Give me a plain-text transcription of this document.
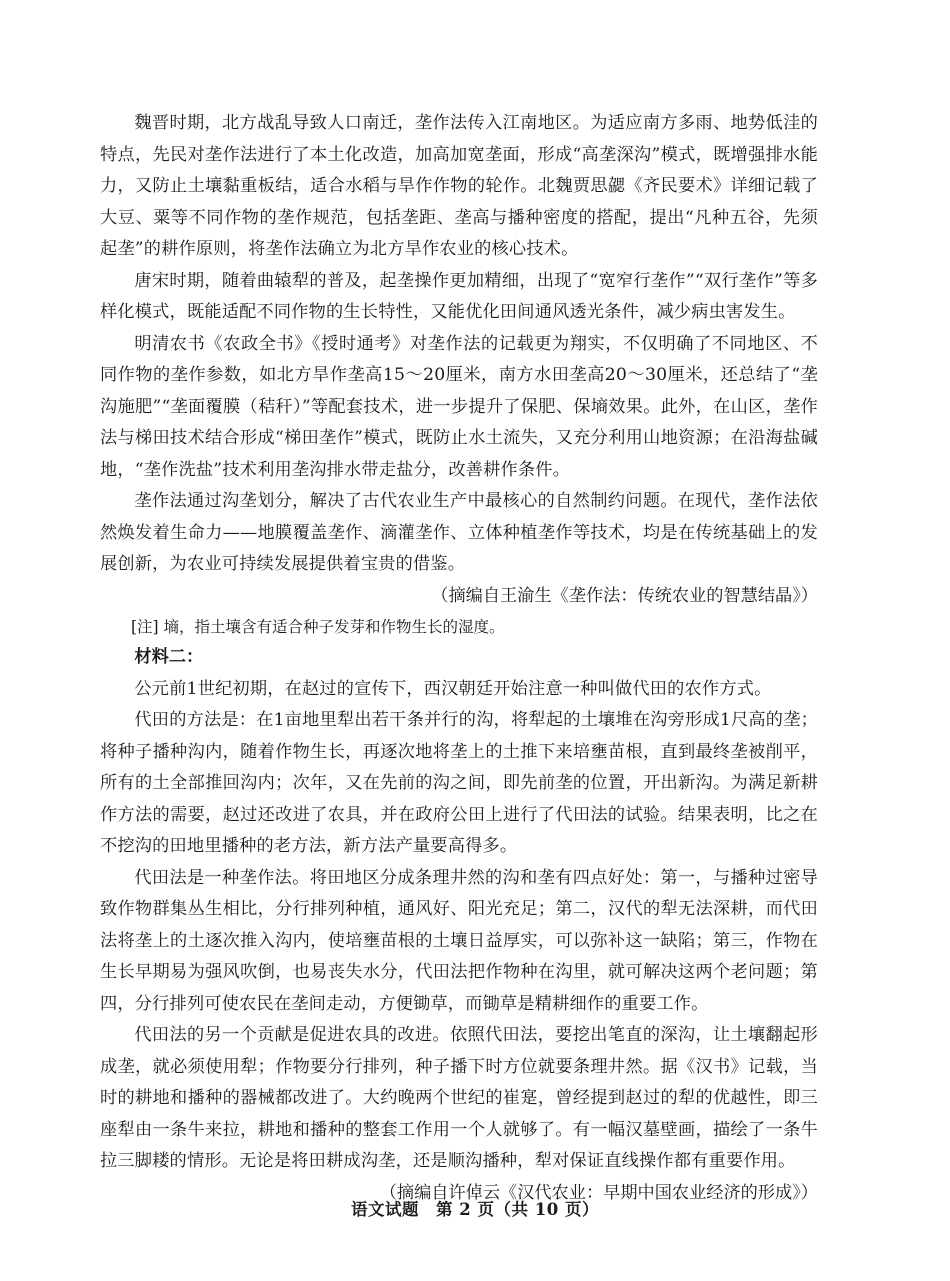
魏晋时期，北方战乱导致人口南迁，垄作法传入江南地区。为适应南方多雨、地势低洼的特点，先民对垄作法进行了本土化改造，加高加宽垄面，形成“高垄深沟”模式，既增强排水能力，又防止土壤黏重板结，适合水稻与旱作作物的轮作。北魏贾思勰《齐民要术》详细记载了大豆、粟等不同作物的垄作规范，包括垄距、垄高与播种密度的搭配，提出“凡种五谷，先须起垄”的耕作原则，将垄作法确立为北方旱作农业的核心技术。

唐宋时期，随着曲辕犁的普及，起垄操作更加精细，出现了“宽窄行垄作”“双行垄作”等多样化模式，既能适配不同作物的生长特性，又能优化田间通风透光条件，减少病虫害发生。

明清农书《农政全书》《授时通考》对垄作法的记载更为翔实，不仅明确了不同地区、不同作物的垄作参数，如北方旱作垄高15～20厘米，南方水田垄高20～30厘米，还总结了“垄沟施肥”“垄面覆膜（秸秆）”等配套技术，进一步提升了保肥、保墒效果。此外，在山区，垄作法与梯田技术结合形成“梯田垄作”模式，既防止水土流失，又充分利用山地资源；在沿海盐碱地，“垄作洗盐”技术利用垄沟排水带走盐分，改善耕作条件。

垄作法通过沟垄划分，解决了古代农业生产中最核心的自然制约问题。在现代，垄作法依然焕发着生命力——地膜覆盖垄作、滴灌垄作、立体种植垄作等技术，均是在传统基础上的发展创新，为农业可持续发展提供着宝贵的借鉴。

（摘编自王渝生《垄作法：传统农业的智慧结晶》）

[注] 墒，指土壤含有适合种子发芽和作物生长的湿度。

材料二：

公元前1世纪初期，在赵过的宣传下，西汉朝廷开始注意一种叫做代田的农作方式。

代田的方法是：在1亩地里犁出若干条并行的沟，将犁起的土壤堆在沟旁形成1尺高的垄；将种子播种沟内，随着作物生长，再逐次地将垄上的土推下来培壅苗根，直到最终垄被削平，所有的土全部推回沟内；次年，又在先前的沟之间，即先前垄的位置，开出新沟。为满足新耕作方法的需要，赵过还改进了农具，并在政府公田上进行了代田法的试验。结果表明，比之在不挖沟的田地里播种的老方法，新方法产量要高得多。

代田法是一种垄作法。将田地区分成条理井然的沟和垄有四点好处：第一，与播种过密导致作物群集丛生相比，分行排列种植，通风好、阳光充足；第二，汉代的犁无法深耕，而代田法将垄上的土逐次推入沟内，使培壅苗根的土壤日益厚实，可以弥补这一缺陷；第三，作物在生长早期易为强风吹倒，也易丧失水分，代田法把作物种在沟里，就可解决这两个老问题；第四，分行排列可使农民在垄间走动，方便锄草，而锄草是精耕细作的重要工作。

代田法的另一个贡献是促进农具的改进。依照代田法，要挖出笔直的深沟，让土壤翻起形成垄，就必须使用犁；作物要分行排列，种子播下时方位就要条理井然。据《汉书》记载，当时的耕地和播种的器械都改进了。大约晚两个世纪的崔寔，曾经提到赵过的犁的优越性，即三座犁由一条牛来拉，耕地和播种的整套工作用一个人就够了。有一幅汉墓壁画，描绘了一条牛拉三脚耧的情形。无论是将田耕成沟垄，还是顺沟播种，犁对保证直线操作都有重要作用。

（摘编自许倬云《汉代农业：早期中国农业经济的形成》）

语文试题　第 2 页（共 10 页）
